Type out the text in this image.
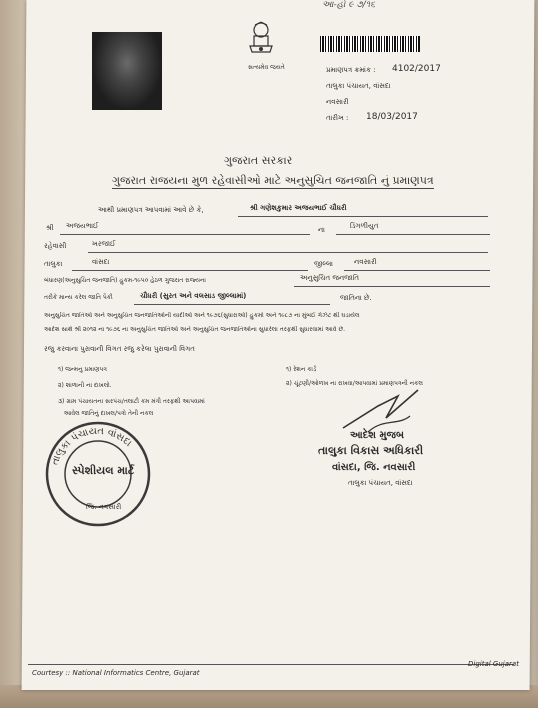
આ-હો ૯ ૭/૧૬
સત્યમેવ જયતે	પ્રમાણપત્ર ક્રમાંક : 4102/2017
તાલુકા પંચાયત, વાંસદા
નવસારી
તારીખ : 18/03/2017
ગુજરાત સરકાર
ગુજરાત રાજયના મુળ રહેવાસીઓ માટે અનુસુચિત જનજાતિ નું પ્રમાણપત્ર
આથી પ્રમાણપત્ર આપવામાં આવે છે કે,	શ્રી ગણેશકુમાર અજયભાઈ ચૌધરી
શ્રી અજયભાઈ	ના	ડિંગળીયુત
રહેવાસી	ખરજાઈ
તાલુકા	વાંસદા	જીલ્લા	નવસારી
બંધારણ(અનુસુચિત જનજાતિ) હુકમ-૧૯૫૦ હેઠળ ગુજરાત રાજ્યના	અનુસુચિત જનજાતિ
તરીકે માન્ય કરેલ જાતિ પૈકી	ચૌધરી (સુરત અને વલસાડ જીલ્લામાં)	જાતિના છે.
અનુસુચિત જાતિઓ અને અનુસુચિત જનજાતિઓની યાદીઓ અને ૧૯૭૬(સુધારાઓ) હુકમો અને ૧૯૮૭ ના મુંબઈ ગેઝેટ થી ઘડાયેલ
આદેશ સાથે શ્રી ૨૦૧૨ ના ૧૯૭૬ ના અનુસુચિત જાતિઓ અને અનુસુચિત જનજાતિઓના સુધારેલા તરફથી સુધારવામાં આવે છે.
રજુ કરવાના પુરાવાની વિગત રજુ કરેલા પુરાવાની વિગત
૧) જન્મનુ પ્રમાણપત્ર
૨) શાળાની ના દાખલો.
૩) ગ્રામ પંચાયતના સરપંચ/તલાટી કમ મંત્રી તરફથી આપવામાં
આવેલ જાતિનું દાખલ/પત્રો તેની નકલ
૧) રેશન કાર્ડ
૨) ચૂંટણી/ઓળખ ના રાખવા/આપવામાં પ્રમાણપત્રની નકલ
તાલુકા પંચાયત વાંસદા
સ્પેશીયલ માર્ટ
જિ. નવસારી
આદેશ મુજબ
તાલુકા વિકાસ અધિકારી
વાંસદા, જિ. નવસારી
તાલુકા પંચાયત, વાંસદા
Courtesy :: National Informatics Centre, Gujarat
Digital Gujarat
